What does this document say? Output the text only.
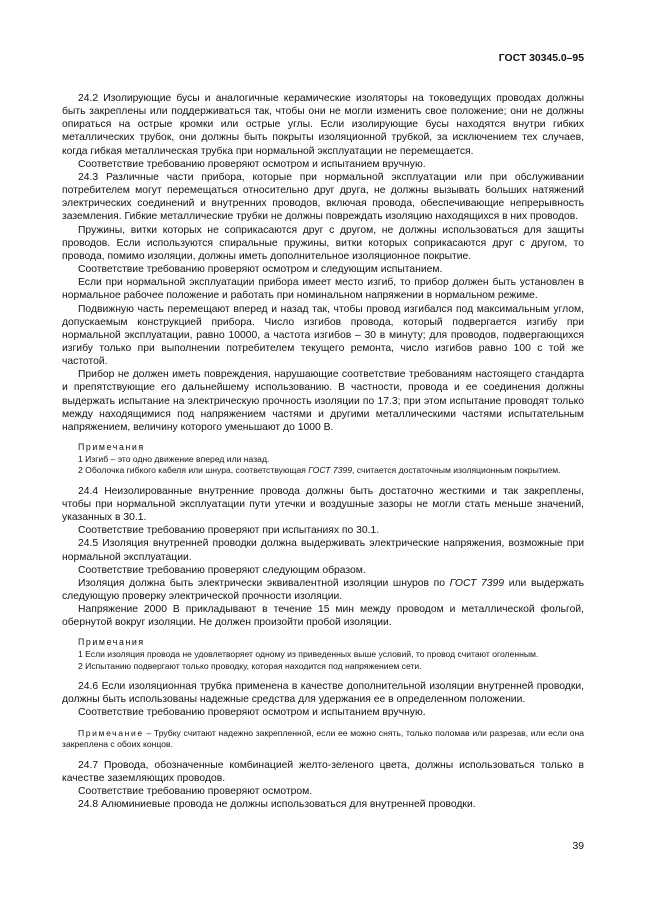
ГОСТ 30345.0–95

24.2 Изолирующие бусы и аналогичные керамические изоляторы на токоведущих проводах должны быть закреплены или поддерживаться так, чтобы они не могли изменить свое положение; они не должны опираться на острые кромки или острые углы. Если изолирующие бусы находятся внутри гибких металлических трубок, они должны быть покрыты изоляционной трубкой, за исключением тех случаев, когда гибкая металлическая трубка при нормальной эксплуатации не перемещается.

Соответствие требованию проверяют осмотром и испытанием вручную.

24.3 Различные части прибора, которые при нормальной эксплуатации или при обслуживании потребителем могут перемещаться относительно друг друга, не должны вызывать больших натяжений электрических соединений и внутренних проводов, включая провода, обеспечивающие непрерывность заземления. Гибкие металлические трубки не должны повреждать изоляцию находящихся в них проводов.

Пружины, витки которых не соприкасаются друг с другом, не должны использоваться для защиты проводов. Если используются спиральные пружины, витки которых соприкасаются друг с другом, то провода, помимо изоляции, должны иметь дополнительное изоляционное покрытие.

Соответствие требованию проверяют осмотром и следующим испытанием.

Если при нормальной эксплуатации прибора имеет место изгиб, то прибор должен быть установлен в нормальное рабочее положение и работать при номинальном напряжении в нормальном режиме.

Подвижную часть перемещают вперед и назад так, чтобы провод изгибался под максимальным углом, допускаемым конструкцией прибора. Число изгибов провода, который подвергается изгибу при нормальной эксплуатации, равно 10000, а частота изгибов – 30 в минуту; для проводов, подвергающихся изгибу только при выполнении потребителем текущего ремонта, число изгибов равно 100 с той же частотой.

Прибор не должен иметь повреждения, нарушающие соответствие требованиям настоящего стандарта и препятствующие его дальнейшему использованию. В частности, провода и ее соединения должны выдержать испытание на электрическую прочность изоляции по 17.3; при этом испытание проводят только между находящимися под напряжением частями и другими металлическими частями испытательным напряжением, величину которого уменьшают до 1000 В.

Примечания

1 Изгиб – это одно движение вперед или назад.

2 Оболочка гибкого кабеля или шнура, соответствующая ГОСТ 7399, считается достаточным изоляционным покрытием.

24.4 Неизолированные внутренние провода должны быть достаточно жесткими и так закреплены, чтобы при нормальной эксплуатации пути утечки и воздушные зазоры не могли стать меньше значений, указанных в 30.1.

Соответствие требованию проверяют при испытаниях по 30.1.

24.5 Изоляция внутренней проводки должна выдерживать электрические напряжения, возможные при нормальной эксплуатации.

Соответствие требованию проверяют следующим образом.

Изоляция должна быть электрически эквивалентной изоляции шнуров по ГОСТ 7399 или выдержать следующую проверку электрической прочности изоляции.

Напряжение 2000 В прикладывают в течение 15 мин между проводом и металлической фольгой, обернутой вокруг изоляции. Не должен произойти пробой изоляции.

Примечания

1 Если изоляция провода не удовлетворяет одному из приведенных выше условий, то провод считают оголенным.

2 Испытанию подвергают только проводку, которая находится под напряжением сети.

24.6 Если изоляционная трубка применена в качестве дополнительной изоляции внутренней проводки, должны быть использованы надежные средства для удержания ее в определенном положении.

Соответствие требованию проверяют осмотром и испытанием вручную.

Примечание – Трубку считают надежно закрепленной, если ее можно снять, только поломав или разрезав, или если она закреплена с обоих концов.

24.7 Провода, обозначенные комбинацией желто-зеленого цвета, должны использоваться только в качестве заземляющих проводов.

Соответствие требованию проверяют осмотром.

24.8 Алюминиевые провода не должны использоваться для внутренней проводки.

39
